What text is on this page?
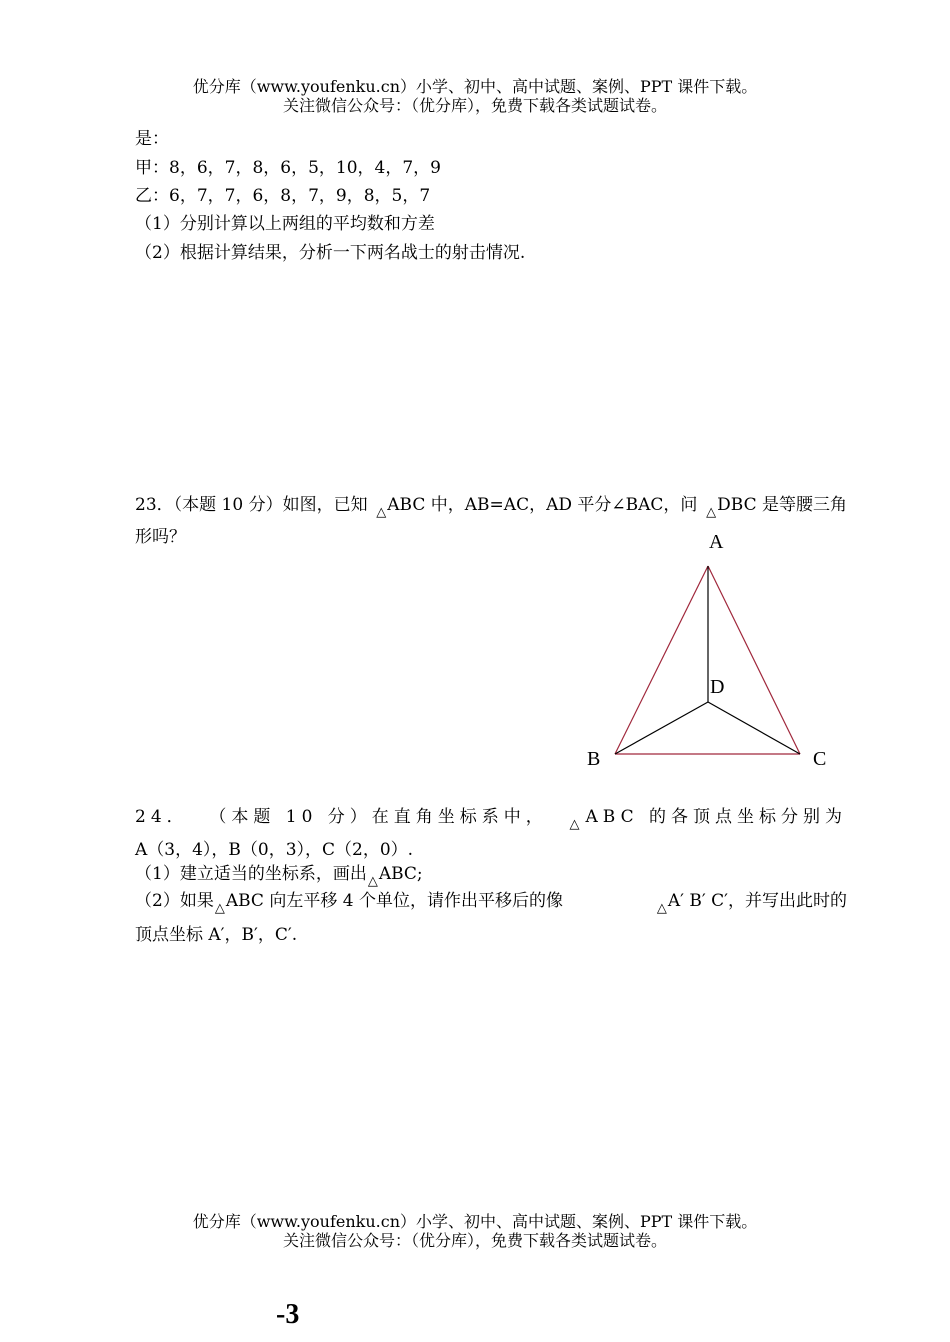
优分库（www.youfenku.cn）小学、初中、高中试题、案例、PPT 课件下载。
关注微信公众号：（优分库），免费下载各类试题试卷。
是：
甲：8，6，7，8，6，5，10，4，7，9
乙：6，7，7，6，8，7，9，8，5，7
（1）分别计算以上两组的平均数和方差
（2）根据计算结果，分析一下两名战士的射击情况.
23．（本题 10 分）如图，已知 $_\triangle$ABC 中，AB=AC，AD 平分∠BAC，问 $_\triangle$DBC 是等腰三角
形吗？	A
D
B	C
24． （本题 10 分）在直角坐标系中， $_\triangle$ABC 的各顶点坐标分别为
A（3，4），B（0，3），C（2，0）.
（1）建立适当的坐标系，画出$_\triangle$ABC;
（2）如果$_\triangle$ABC 向左平移 4 个单位，请作出平移后的像	$_\triangle$A′ B′ C′，并写出此时的
顶点坐标 A′，B′，C′.
优分库（www.youfenku.cn）小学、初中、高中试题、案例、PPT 课件下载。
关注微信公众号：（优分库），免费下载各类试题试卷。
-3
